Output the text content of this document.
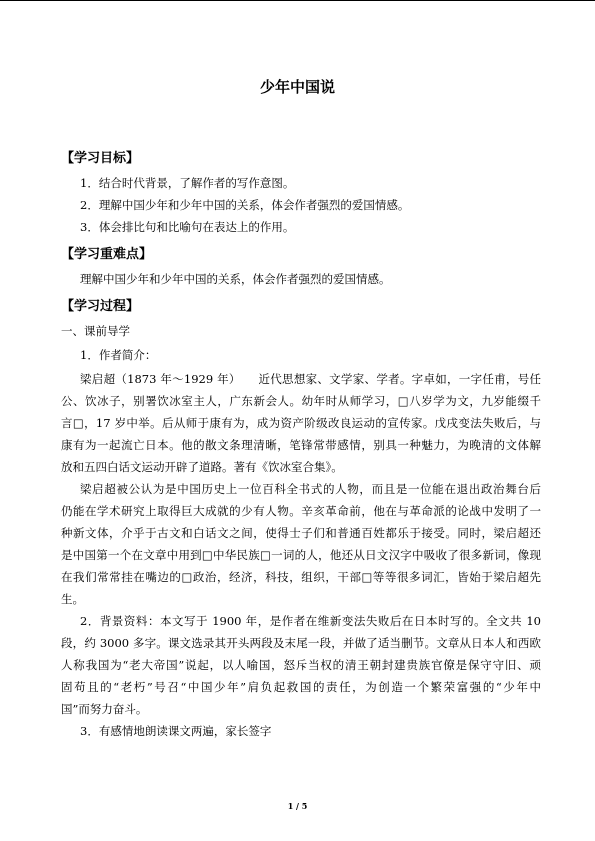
少年中国说
【学习目标】
1．结合时代背景，了解作者的写作意图。
2．理解中国少年和少年中国的关系，体会作者强烈的爱国情感。
3．体会排比句和比喻句在表达上的作用。
【学习重难点】
理解中国少年和少年中国的关系，体会作者强烈的爱国情感。
【学习过程】
一、课前导学
1．作者简介：
梁启超（1873 年～1929 年）　　近代思想家、文学家、学者。字卓如，一字任甫，号任
公、饮冰子，别署饮冰室主人，广东新会人。幼年时从师学习，□八岁学为文，九岁能缀千
言□，17 岁中举。后从师于康有为，成为资产阶级改良运动的宣传家。戊戌变法失败后，与
康有为一起流亡日本。他的散文条理清晰，笔锋常带感情，别具一种魅力，为晚清的文体解
放和五四白话文运动开辟了道路。著有《饮冰室合集》。
梁启超被公认为是中国历史上一位百科全书式的人物，而且是一位能在退出政治舞台后
仍能在学术研究上取得巨大成就的少有人物。辛亥革命前，他在与革命派的论战中发明了一
种新文体，介乎于古文和白话文之间，使得士子们和普通百姓都乐于接受。同时，梁启超还
是中国第一个在文章中用到□中华民族□一词的人，他还从日文汉字中吸收了很多新词，像现
在我们常常挂在嘴边的□政治，经济，科技，组织，干部□等等很多词汇，皆始于梁启超先
生。
2．背景资料：本文写于 1900 年，是作者在维新变法失败后在日本时写的。全文共 10
段，约 3000 多字。课文选录其开头两段及末尾一段，并做了适当删节。文章从日本人和西欧
人称我国为“老大帝国”说起，以人喻国，怒斥当权的清王朝封建贵族官僚是保守守旧、顽
固苟且的“老朽”号召“中国少年”肩负起救国的责任，为创造一个繁荣富强的“少年中
国”而努力奋斗。
3．有感情地朗读课文两遍，家长签字
1 / 5
